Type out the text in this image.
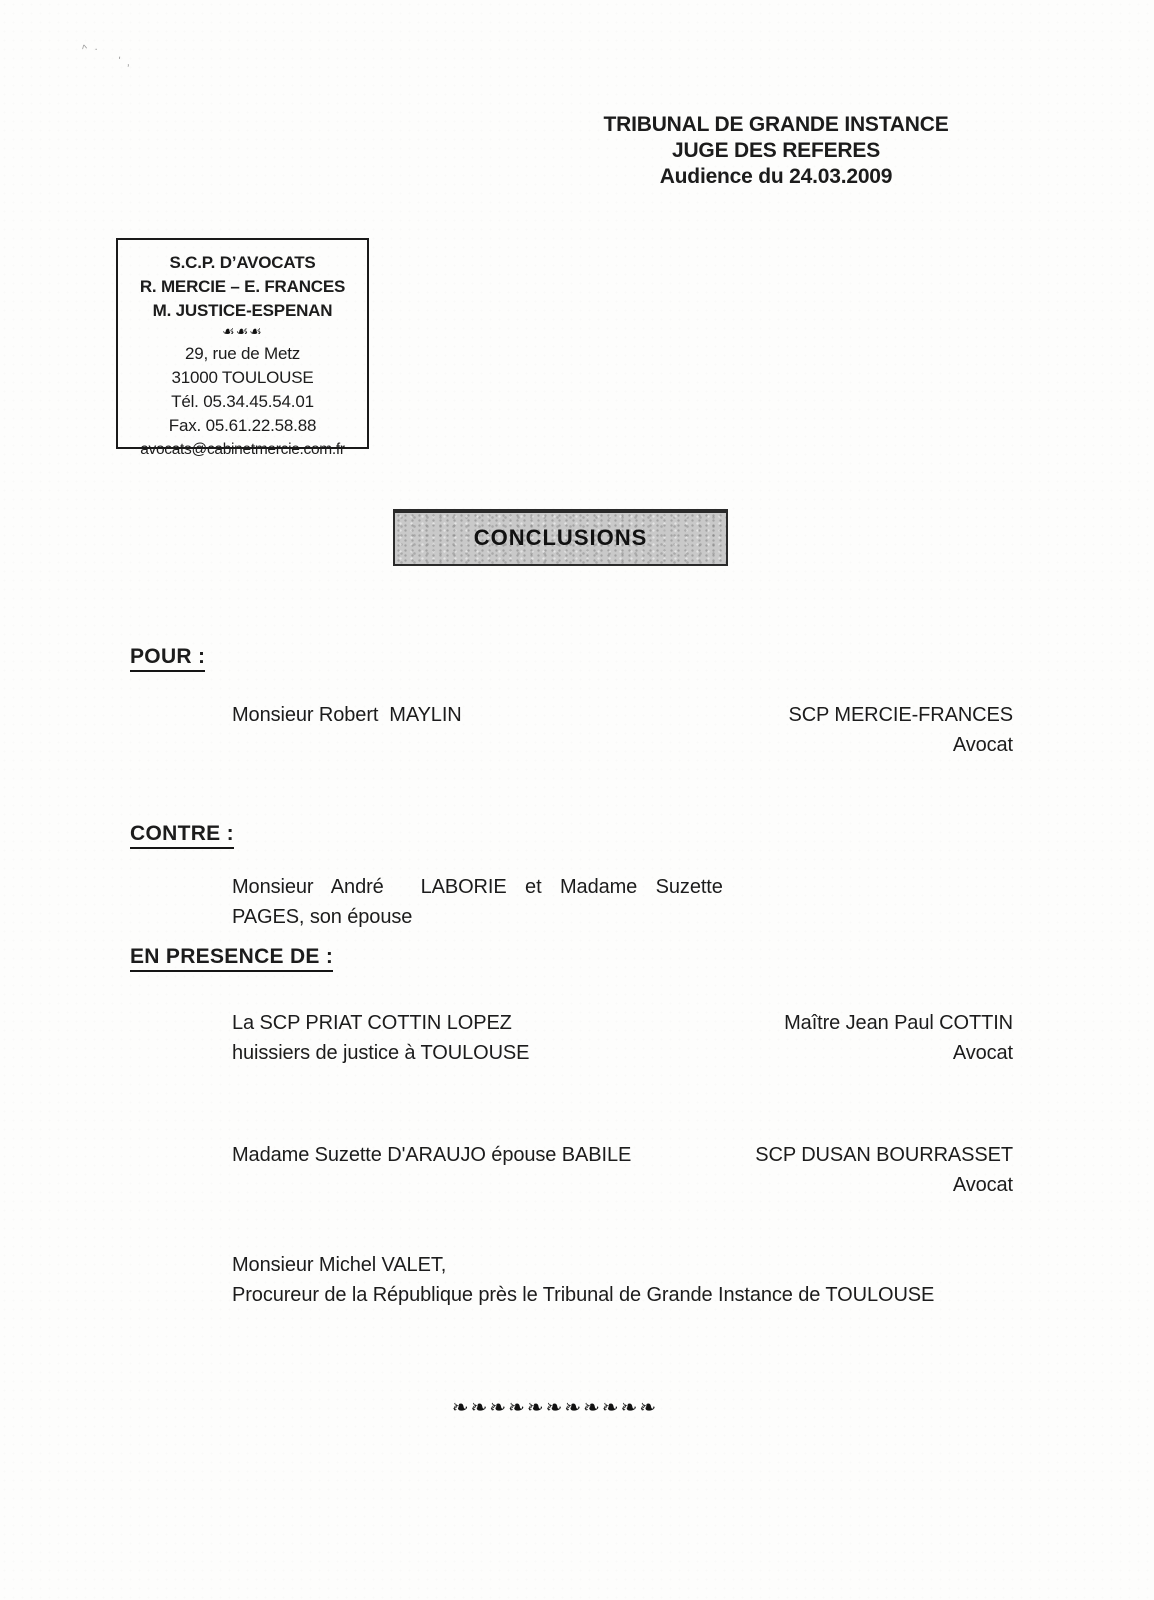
^ .
' ,
TRIBUNAL DE GRANDE INSTANCE
JUGE DES REFERES
Audience du 24.03.2009
S.C.P. D’AVOCATS
R. MERCIE – E. FRANCES
M. JUSTICE-ESPENAN
☙☙☙
29, rue de Metz
31000 TOULOUSE
Tél. 05.34.45.54.01
Fax. 05.61.22.58.88
avocats@cabinetmercie.com.fr
CONCLUSIONS
POUR :
Monsieur Robert  MAYLIN	SCP MERCIE-FRANCES
Avocat
CONTRE :
Monsieur André  LABORIE et Madame Suzette
PAGES, son épouse
EN PRESENCE DE :
La SCP PRIAT COTTIN LOPEZ
huissiers de justice à TOULOUSE
Maître Jean Paul COTTIN
Avocat
Madame Suzette D'ARAUJO épouse BABILE	SCP DUSAN BOURRASSET
Avocat
Monsieur Michel VALET,
Procureur de la République près le Tribunal de Grande Instance de TOULOUSE
❧❧❧❧❧❧❧❧❧❧❧
